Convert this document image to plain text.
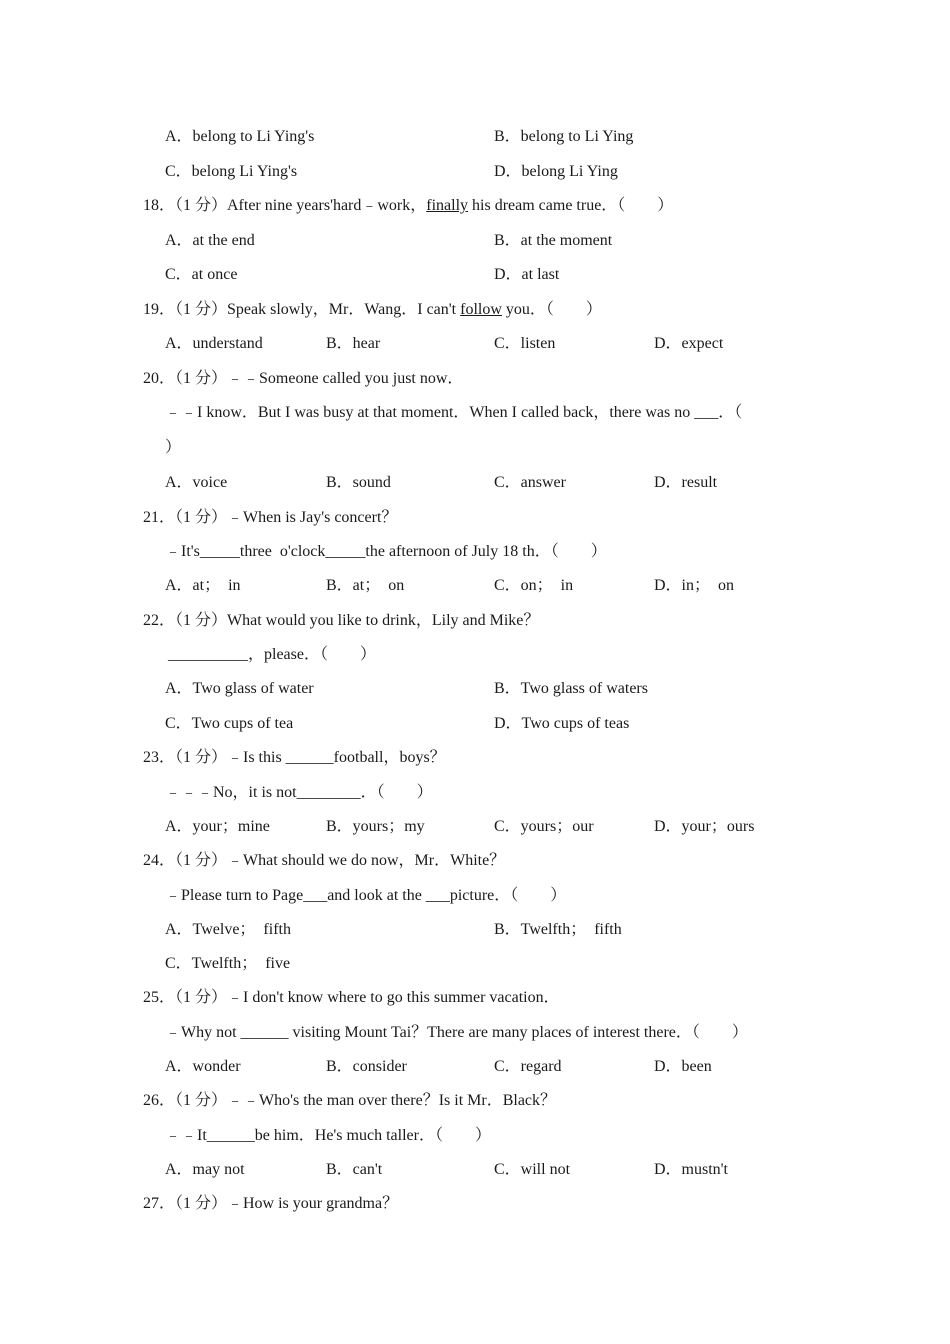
A．belong to Li Ying's	B．belong to Li Ying
C．belong Li Ying's	D．belong Li Ying
18．（1 分）After nine years'hard﹣work，finally his dream came true．（　　）
A．at the end	B．at the moment
C．at once	D．at last
19．（1 分）Speak slowly，Mr．Wang．I can't follow you．（　　）
A．understand	B．hear	C．listen	D．expect
20．（1 分）﹣﹣Someone called you just now．
﹣﹣I know．But I was busy at that moment．When I called back，there was no ___．（
）
A．voice	B．sound	C．answer	D．result
21．（1 分）﹣When is Jay's concert？
﹣It's_____three  o'clock_____the afternoon of July 18 th．（　　）
A．at；  in	B．at；  on	C．on；  in	D．in；  on
22．（1 分）What would you like to drink，Lily and Mike？
__________，please．（　　）
A．Two glass of water	B．Two glass of waters
C．Two cups of tea	D．Two cups of teas
23．（1 分）﹣Is this ______football，boys？
﹣﹣﹣No，it is not________．（　　）
A．your；mine	B．yours；my	C．yours；our	D．your；ours
24．（1 分）﹣What should we do now，Mr．White？
﹣Please turn to Page___and look at the ___picture．（　　）
A．Twelve；  fifth	B．Twelfth；  fifth
C．Twelfth；  five
25．（1 分）﹣I don't know where to go this summer vacation．
﹣Why not ______ visiting Mount Tai？There are many places of interest there．（　　）
A．wonder	B．consider	C．regard	D．been
26．（1 分）﹣﹣Who's the man over there？Is it Mr．Black？
﹣﹣It______be him．He's much taller．（　　）
A．may not	B．can't	C．will not	D．mustn't
27．（1 分）﹣How is your grandma？
